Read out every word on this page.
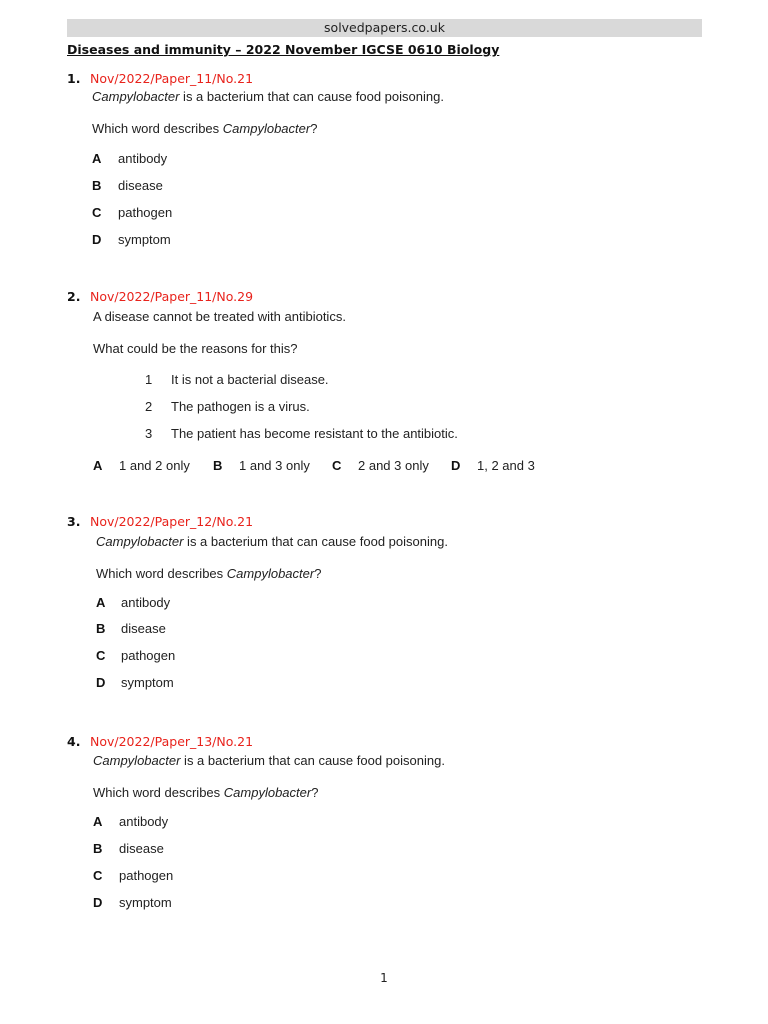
solvedpapers.co.uk
Diseases and immunity – 2022 November IGCSE 0610 Biology
1. Nov/2022/Paper_11/No.21
Campylobacter is a bacterium that can cause food poisoning.
Which word describes Campylobacter?
A antibody
B disease
C pathogen
D symptom
2. Nov/2022/Paper_11/No.29
A disease cannot be treated with antibiotics.
What could be the reasons for this?
1 It is not a bacterial disease.
2 The pathogen is a virus.
3 The patient has become resistant to the antibiotic.
A 1 and 2 only B 1 and 3 only C 2 and 3 only D 1, 2 and 3
3. Nov/2022/Paper_12/No.21
Campylobacter is a bacterium that can cause food poisoning.
Which word describes Campylobacter?
A antibody
B disease
C pathogen
D symptom
4. Nov/2022/Paper_13/No.21
Campylobacter is a bacterium that can cause food poisoning.
Which word describes Campylobacter?
A antibody
B disease
C pathogen
D symptom
1
